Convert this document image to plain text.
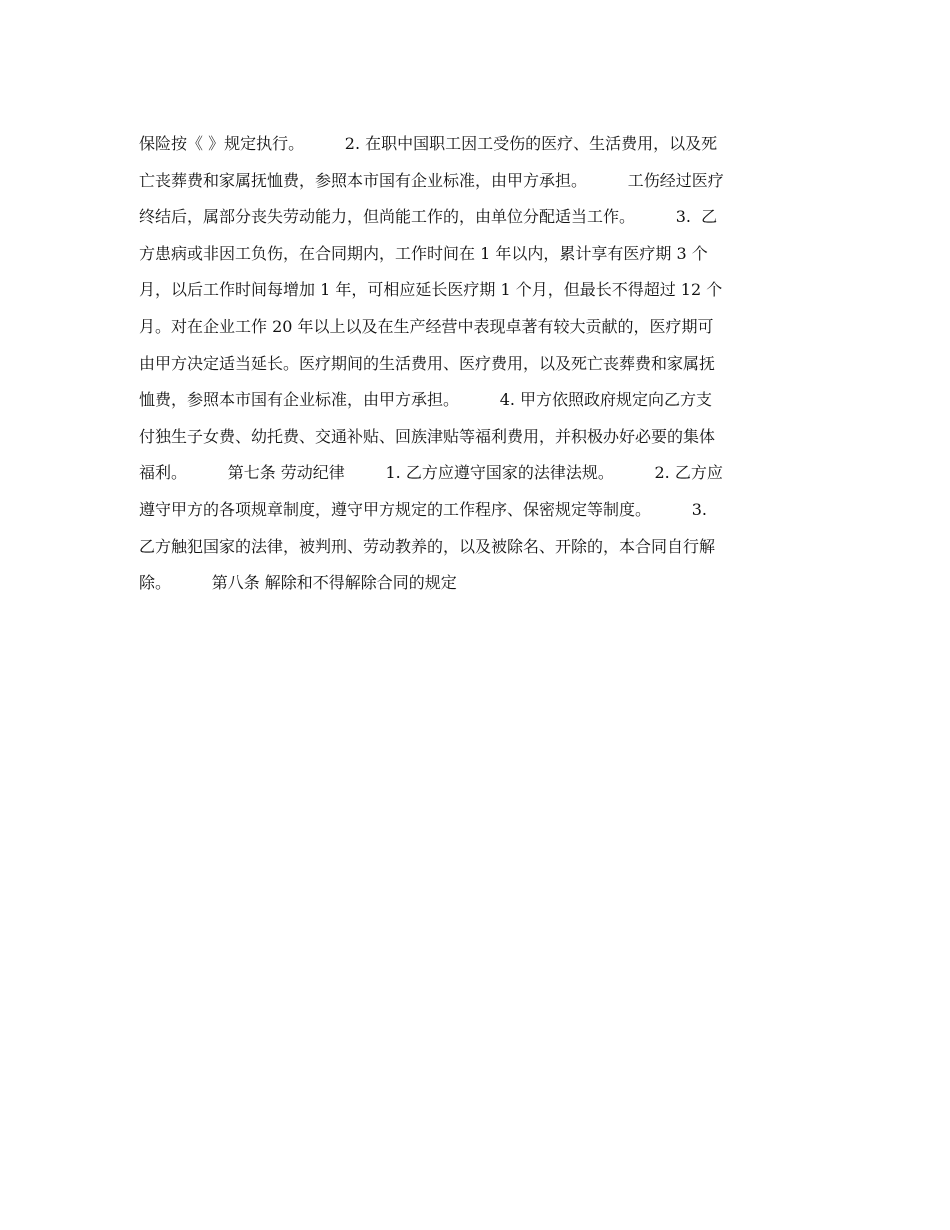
保险按《 》规定执行。        2. 在职中国职工因工受伤的医疗、生活费用，以及死
亡丧葬费和家属抚恤费，参照本市国有企业标准，由甲方承担。        工伤经过医疗
终结后，属部分丧失劳动能力，但尚能工作的，由单位分配适当工作。        3.  乙
方患病或非因工负伤，在合同期内，工作时间在 1 年以内，累计享有医疗期 3 个
月，以后工作时间每增加 1 年，可相应延长医疗期 1 个月，但最长不得超过 12 个
月。对在企业工作 20 年以上以及在生产经营中表现卓著有较大贡献的，医疗期可
由甲方决定适当延长。医疗期间的生活费用、医疗费用，以及死亡丧葬费和家属抚
恤费，参照本市国有企业标准，由甲方承担。        4. 甲方依照政府规定向乙方支
付独生子女费、幼托费、交通补贴、回族津贴等福利费用，并积极办好必要的集体
福利。        第七条 劳动纪律        1. 乙方应遵守国家的法律法规。        2. 乙方应
遵守甲方的各项规章制度，遵守甲方规定的工作程序、保密规定等制度。        3.
乙方触犯国家的法律，被判刑、劳动教养的，以及被除名、开除的，本合同自行解
除。        第八条 解除和不得解除合同的规定
